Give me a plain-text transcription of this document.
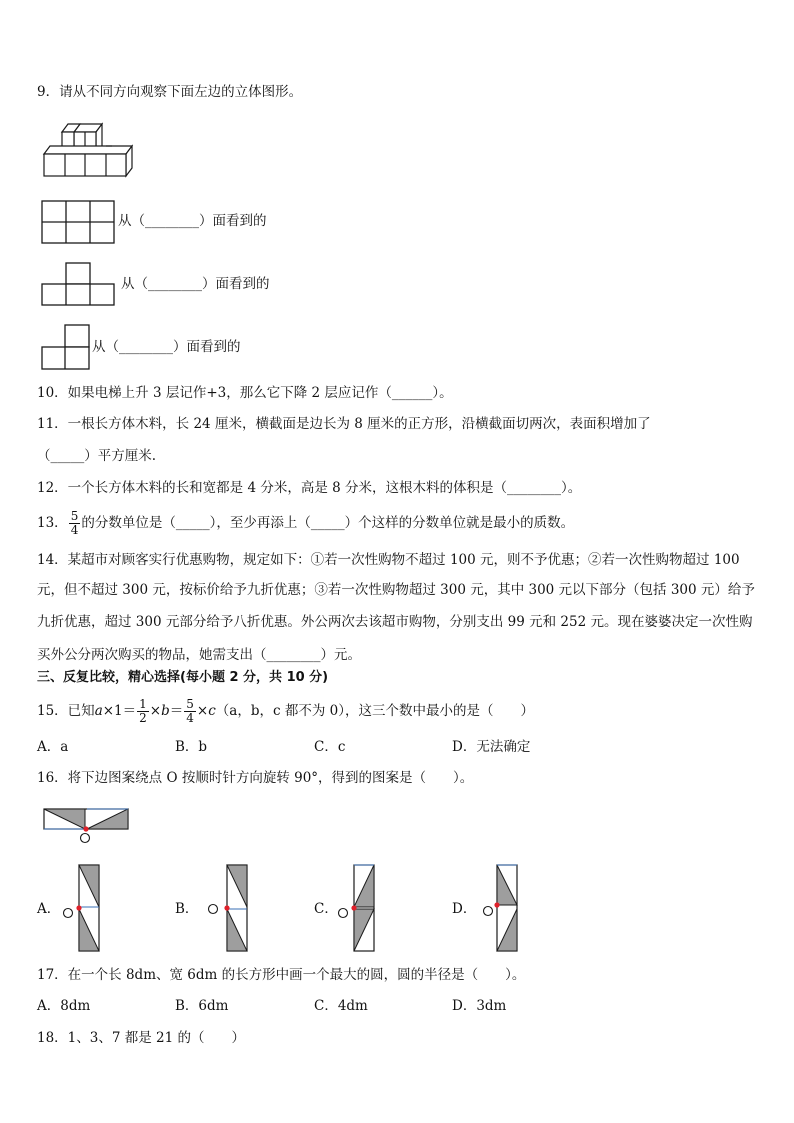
9．请从不同方向观察下面左边的立体图形。
从（________）面看到的
从（________）面看到的
从（________）面看到的
10．如果电梯上升 3 层记作+3，那么它下降 2 层应记作（______）。
11．一根长方体木料，长 24 厘米，横截面是边长为 8 厘米的正方形，沿横截面切两次，表面积增加了
（_____）平方厘米.
12．一个长方体木料的长和宽都是 4 分米，高是 8 分米，这根木料的体积是（________）。
13． $\frac{5}{4}$ 的分数单位是（_____），至少再添上（_____）个这样的分数单位就是最小的质数。
14．某超市对顾客实行优惠购物，规定如下：①若一次性购物不超过 100 元，则不予优惠；②若一次性购物超过 100
元，但不超过 300 元，按标价给予九折优惠；③若一次性购物超过 300 元，其中 300 元以下部分（包括 300 元）给予
九折优惠，超过 300 元部分给予八折优惠。外公两次去该超市购物，分别支出 99 元和 252 元。现在婆婆决定一次性购
买外公分两次购买的物品，她需支出（________）元。
三、反复比较，精心选择(每小题 2 分，共 10 分)
15．已知$a\times 1= \frac{1}{2} \times b= \frac{5}{4} \times c(a$，b，c 都不为 0），这三个数中最小的是（　　）
A．a	B．b	C．c	D．无法确定
16．将下边图案绕点 O 按顺时针方向旋转 90°，得到的图案是（　　）。
A．	B．	C．	D．
17．在一个长 8dm、宽 6dm 的长方形中画一个最大的圆，圆的半径是（　　）。
A．8dm	B．6dm	C．4dm	D．3dm
18．1、3、7 都是 21 的（　　）
